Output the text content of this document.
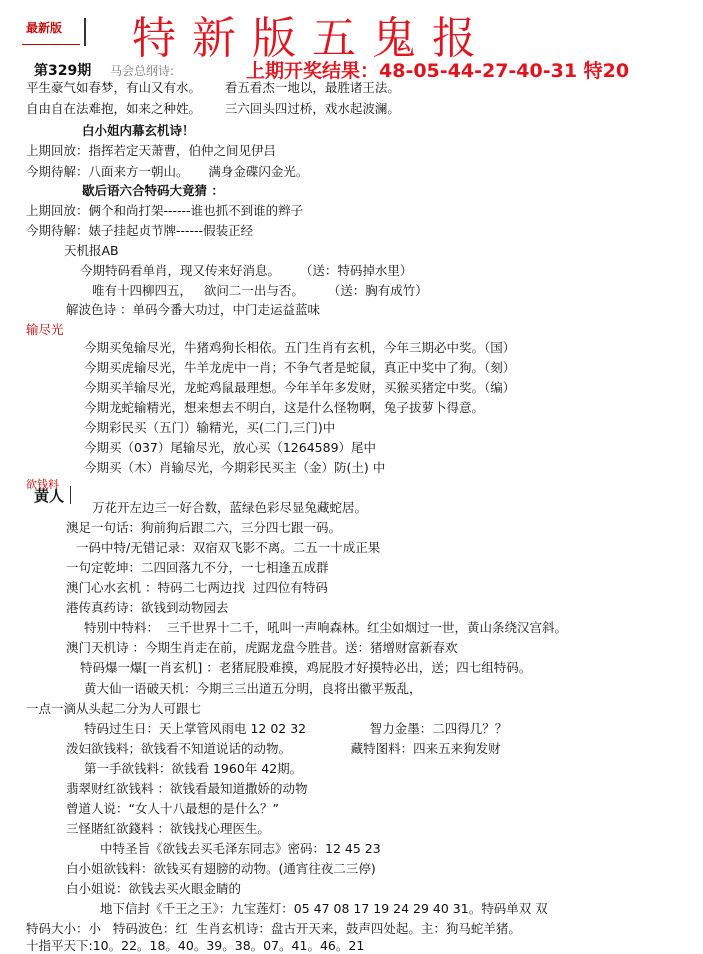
最新版 特新版五鬼报
第329期 马会总纲诗:	上期开奖结果：48-05-44-27-40-31 特20
平生豪气如春梦，有山又有水。      看五看杰一地以，最胜诸王法。
自由自在法难抱，如来之种姓。      三六回头四过桥，戏水起波澜。
白小姐内幕玄机诗！
上期回放：指挥若定天萧曹，伯仲之间见伊吕
今期待解：八面来方一朝山。     满身金碟闪金光。
歇后语六合特码大竟猜 ：
上期回放：俩个和尚打架------谁也抓不到谁的辫子
今期待解：婊子挂起贞节牌------假装正经
天机报AB
今期特码看单肖，现又传来好消息。     （送：特码掉水里）
唯有十四柳四五，   欲问二一出与否。      （送：胸有成竹）
解波色诗 ：单码今番大功过，中门走运益蓝味
输尽光
今期买兔输尽光，牛猪鸡狗长相依。五门生肖有玄机，今年三期必中奖。（国）
今期买虎输尽光，牛羊龙虎中一肖；不争气者是蛇鼠，真正中奖中了狗。（刻）
今期买羊输尽光，龙蛇鸡鼠最理想。今年羊年多发财，买猴买猪定中奖。（编）
今期龙蛇输精光，想来想去不明白，这是什么怪物啊，兔子拔萝卜得意。
今期彩民买（五门）输精光，买(二门,三门)中
今期买（037）尾输尽光，放心买（1264589）尾中
今期买（木）肖输尽光，今期彩民买主（金）防(土) 中
欲钱料
黄人
万花开左边三一好合数，蓝绿色彩尽显兔藏蛇居。
澳足一句话：狗前狗后跟二六，三分四七跟一码。
一码中特/无错记录：双宿双飞影不离。二五一十成正果
一句定乾坤：二四回落九不分，一七相逢五成群
澳门心水玄机 ：特码二七两边找  过四位有特码
港传真药诗：欲钱到动物园去
特别中特料：  三千世界十二千，吼叫一声响森林。红尘如烟过一世，黄山条绕汉宫斜。
澳门天机诗 ：今期生肖走在前，虎踞龙盘今胜昔。送：猪增财富新春欢
特码爆一爆[一肖玄机] ：老猪屁股难摸，鸡屁股才好摸特必出，送；四七组特码。
黄大仙一语破天机：今期三三出道五分明，良将出徽平叛乱，
一点一滴从头起二分为人可跟七
特码过生日：天上掌管风雨电 12 02 32                智力金墨：二四得几？？
泼妇欲钱料；欲钱看不知道说话的动物。               藏特图料：四来五来狗发财
第一手欲钱料：欲钱看 1960年 42期。
翡翠财红欲钱料 ：欲钱看最知道撒娇的动物
曾道人说：“女人十八最想的是什么？”
三怪賭紅欲錢料 ：欲钱找心理医生。
中特圣旨《欲钱去买毛泽东同志》密码：12 45 23
白小姐欲钱料：欲钱买有翅膀的动物。(通宵往夜二三停)
白小姐说：欲钱去买火眼金睛的
地下信封《千王之王》：九宝莲灯：05 47 08 17 19 24 29 40 31。特码单双 双
特码大小：小   特码波色：红  生肖玄机诗：盘古开天来，鼓声四处起。主：狗马蛇羊猪。
十指平天下:10。22。18。40。39。38。07。41。46。21
